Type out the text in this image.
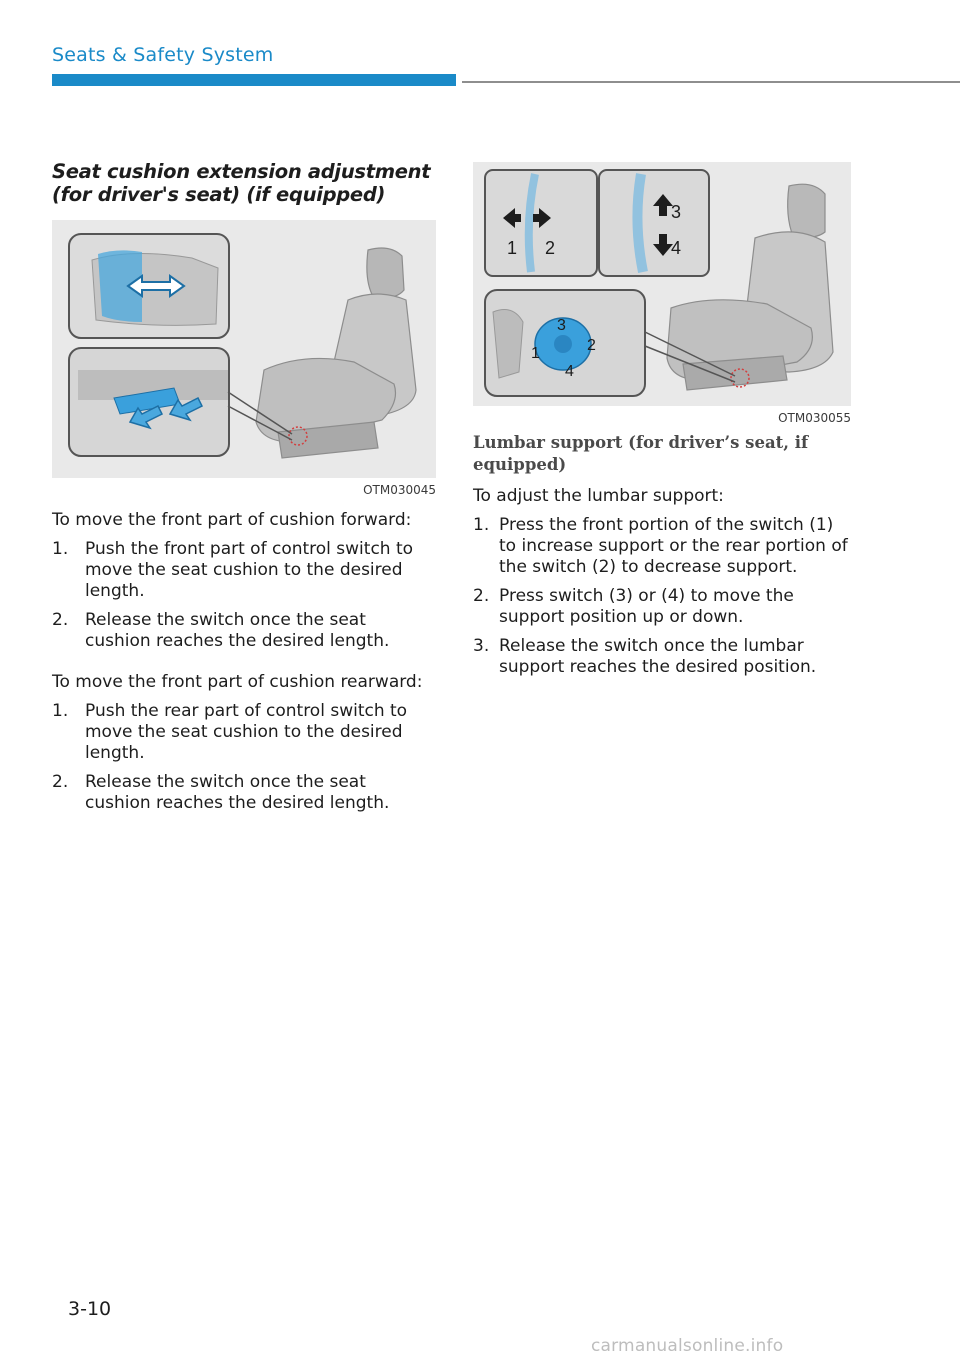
Seats & Safety System
Seat cushion extension adjustment (for driver's seat) (if equipped)
OTM030045

To move the front part of cushion forward:

1. Push the front part of control switch to move the seat cushion to the desired length.
2. Release the switch once the seat cushion reaches the desired length.

To move the front part of cushion rearward:

1. Push the rear part of control switch to move the seat cushion to the desired length.
2. Release the switch once the seat cushion reaches the desired length.
1 2
3
4
3
1	2
4
OTM030055
Lumbar support (for driver’s seat, if equipped)

To adjust the lumbar support:

1. Press the front portion of the switch (1) to increase support or the rear portion of the switch (2) to decrease support.
2. Press switch (3) or (4) to move the support position up or down.
3. Release the switch once the lumbar support reaches the desired position.
3-10
carmanualsonline.info
